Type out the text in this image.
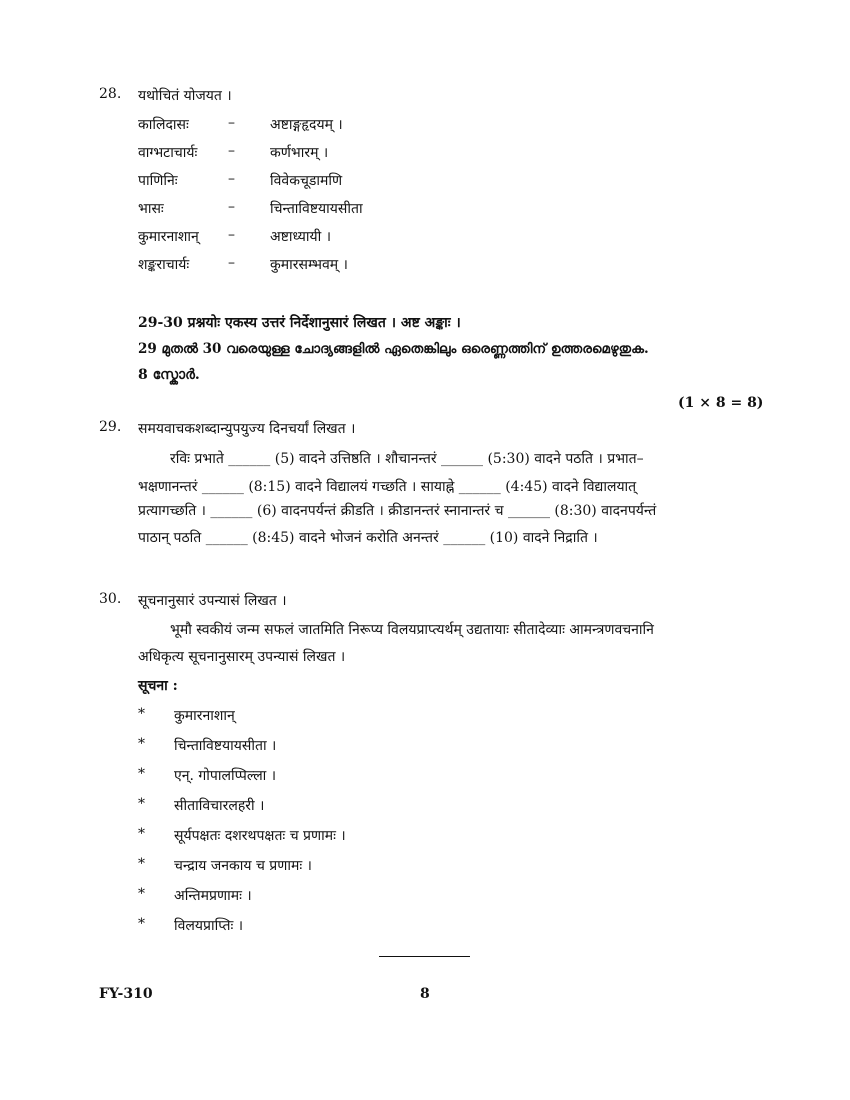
28. यथोचितं योजयत ।
कालिदासः	–	अष्टाङ्गहृदयम् ।
वाग्भटाचार्यः –	कर्णभारम् ।
पाणिनिः	–	विवेकचूडामणि
भासः	–	चिन्ताविष्टयायसीता
कुमारनाशान् –	अष्टाध्यायी ।
शङ्कराचार्यः	–	कुमारसम्भवम् ।
29-30 प्रश्नयोः एकस्य उत्तरं निर्देशानुसारं लिखत । अष्ट अङ्काः ।
29 മുതൽ 30 വരെയുള്ള ചോദ്യങ്ങളിൽ ഏതെങ്കിലും ഒരെണ്ണത്തിന് ഉത്തരമെഴുതുക.
8 സ്കോർ.
(1 × 8 = 8)
29. समयवाचकशब्दान्युपयुज्य दिनचर्यां लिखत ।
रविः प्रभाते ______ (5) वादने उत्तिष्ठति । शौचानन्तरं ______ (5:30) वादने पठति । प्रभात–
भक्षणानन्तरं ______ (8:15) वादने विद्यालयं गच्छति । सायाह्ने ______ (4:45) वादने विद्यालयात्
प्रत्यागच्छति । ______ (6) वादनपर्यन्तं क्रीडति । क्रीडानन्तरं स्नानान्तरं च ______ (8:30) वादनपर्यन्तं
पाठान् पठति ______ (8:45) वादने भोजनं करोति अनन्तरं ______ (10) वादने निद्राति ।
30. सूचनानुसारं उपन्यासं लिखत ।
भूमौ स्वकीयं जन्म सफलं जातमिति निरूप्य विलयप्राप्त्यर्थम् उद्यतायाः सीतादेव्याः आमन्त्रणवचनानि
अधिकृत्य सूचनानुसारम् उपन्यासं लिखत ।
सूचना :
* कुमारनाशान्
* चिन्ताविष्टयायसीता ।
* एन्. गोपालप्पिल्ला ।
* सीताविचारलहरी ।
* सूर्यपक्षतः दशरथपक्षतः च प्रणामः ।
* चन्द्राय जनकाय च प्रणामः ।
* अन्तिमप्रणामः ।
* विलयप्राप्तिः ।
FY-310	8
